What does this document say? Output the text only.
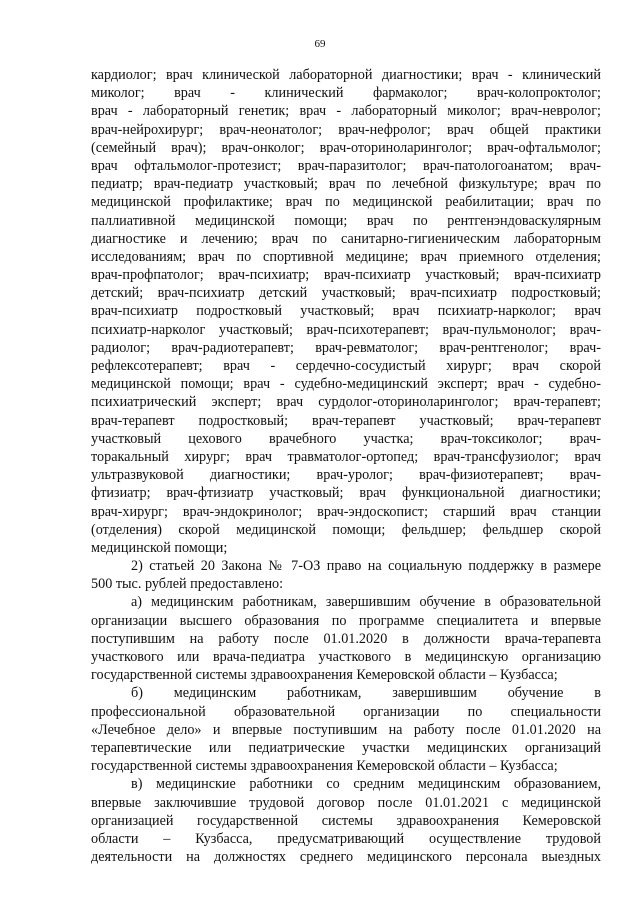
69
кардиолог; врач клинической лабораторной диагностики; врач - клинический
миколог; врач - клинический фармаколог; врач-колопроктолог;
врач - лабораторный генетик; врач - лабораторный миколог; врач-невролог;
врач-нейрохирург; врач-неонатолог; врач-нефролог; врач общей практики
(семейный врач); врач-онколог; врач-оториноларинголог; врач-офтальмолог;
врач офтальмолог-протезист; врач-паразитолог; врач-патологоанатом; врач-
педиатр; врач-педиатр участковый; врач по лечебной физкультуре; врач по
медицинской профилактике; врач по медицинской реабилитации; врач по
паллиативной медицинской помощи; врач по рентгенэндоваскулярным
диагностике и лечению; врач по санитарно-гигиеническим лабораторным
исследованиям; врач по спортивной медицине; врач приемного отделения;
врач-профпатолог; врач-психиатр; врач-психиатр участковый; врач-психиатр
детский; врач-психиатр детский участковый; врач-психиатр подростковый;
врач-психиатр подростковый участковый; врач психиатр-нарколог; врач
психиатр-нарколог участковый; врач-психотерапевт; врач-пульмонолог; врач-
радиолог; врач-радиотерапевт; врач-ревматолог; врач-рентгенолог; врач-
рефлексотерапевт; врач - сердечно-сосудистый хирург; врач скорой
медицинской помощи; врач - судебно-медицинский эксперт; врач - судебно-
психиатрический эксперт; врач сурдолог-оториноларинголог; врач-терапевт;
врач-терапевт подростковый; врач-терапевт участковый; врач-терапевт
участковый цехового врачебного участка; врач-токсиколог; врач-
торакальный хирург; врач травматолог-ортопед; врач-трансфузиолог; врач
ультразвуковой диагностики; врач-уролог; врач-физиотерапевт; врач-
фтизиатр; врач-фтизиатр участковый; врач функциональной диагностики;
врач-хирург; врач-эндокринолог; врач-эндоскопист; старший врач станции
(отделения) скорой медицинской помощи; фельдшер; фельдшер скорой
медицинской помощи;
2) статьей 20 Закона № 7-ОЗ право на социальную поддержку в размере
500 тыс. рублей предоставлено:
а) медицинским работникам, завершившим обучение в образовательной
организации высшего образования по программе специалитета и впервые
поступившим на работу после 01.01.2020 в должности врача-терапевта
участкового или врача-педиатра участкового в медицинскую организацию
государственной системы здравоохранения Кемеровской области – Кузбасса;
б) медицинским работникам, завершившим обучение в
профессиональной образовательной организации по специальности
«Лечебное дело» и впервые поступившим на работу после 01.01.2020 на
терапевтические или педиатрические участки медицинских организаций
государственной системы здравоохранения Кемеровской области – Кузбасса;
в) медицинские работники со средним медицинским образованием,
впервые заключившие трудовой договор после 01.01.2021 с медицинской
организацией государственной системы здравоохранения Кемеровской
области – Кузбасса, предусматривающий осуществление трудовой
деятельности на должностях среднего медицинского персонала выездных
